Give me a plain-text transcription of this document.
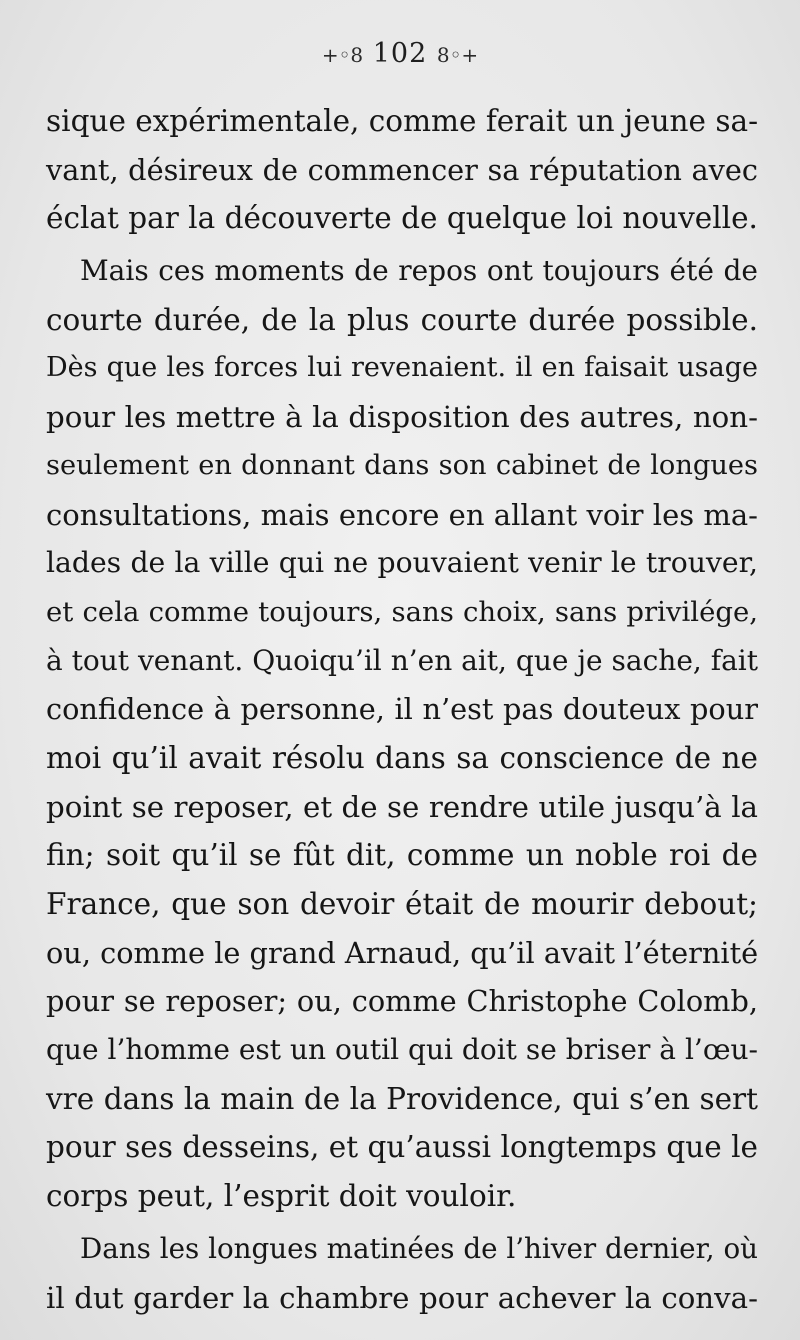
+◦8 102 8◦+
sique expérimentale, comme ferait un jeune sa-
vant, désireux de commencer sa réputation avec
éclat par la découverte de quelque loi nouvelle.
Mais ces moments de repos ont toujours été de
courte durée, de la plus courte durée possible.
Dès que les forces lui revenaient. il en faisait usage
pour les mettre à la disposition des autres, non-
seulement en donnant dans son cabinet de longues
consultations, mais encore en allant voir les ma-
lades de la ville qui ne pouvaient venir le trouver,
et cela comme toujours, sans choix, sans privilége,
à tout venant. Quoiqu’il n’en ait, que je sache, fait
confidence à personne, il n’est pas douteux pour
moi qu’il avait résolu dans sa conscience de ne
point se reposer, et de se rendre utile jusqu’à la
fin; soit qu’il se fût dit, comme un noble roi de
France, que son devoir était de mourir debout;
ou, comme le grand Arnaud, qu’il avait l’éternité
pour se reposer; ou, comme Christophe Colomb,
que l’homme est un outil qui doit se briser à l’œu-
vre dans la main de la Providence, qui s’en sert
pour ses desseins, et qu’aussi longtemps que le
corps peut, l’esprit doit vouloir.
Dans les longues matinées de l’hiver dernier, où
il dut garder la chambre pour achever la conva-
